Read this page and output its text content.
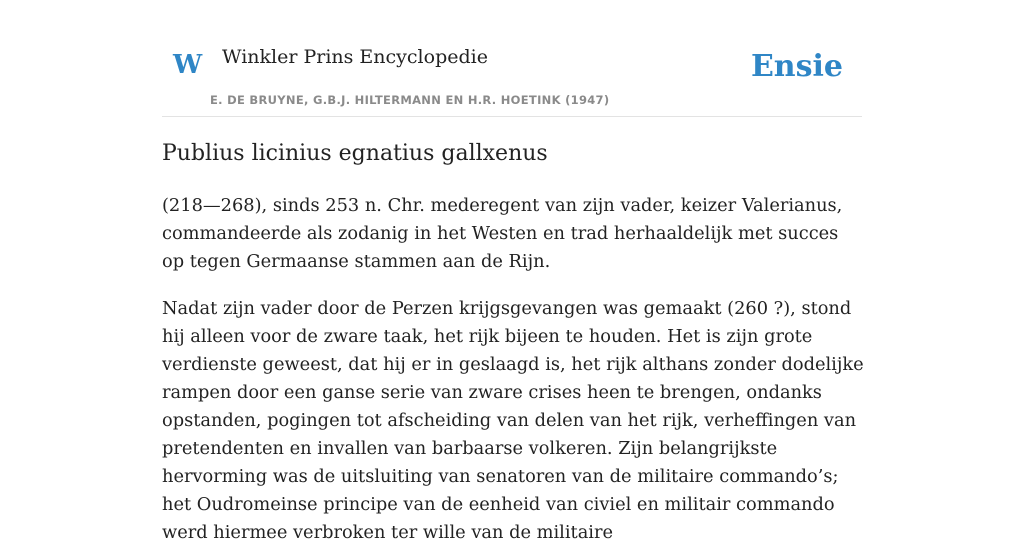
W Winkler Prins Encyclopedie	Ensie
E. DE BRUYNE, G.B.J. HILTERMANN EN H.R. HOETINK (1947)
Publius licinius egnatius gallxenus

(218—268), sinds 253 n. Chr. mederegent van zijn vader, keizer Valerianus, commandeerde als zodanig in het Westen en trad herhaaldelijk met succes op tegen Germaanse stammen aan de Rijn.

Nadat zijn vader door de Perzen krijgsgevangen was gemaakt (260 ?), stond hij alleen voor de zware taak, het rijk bijeen te houden. Het is zijn grote verdienste geweest, dat hij er in geslaagd is, het rijk althans zonder dodelijke rampen door een ganse serie van zware crises heen te brengen, ondanks opstanden, pogingen tot afscheiding van delen van het rijk, verheffingen van pretendenten en invallen van barbaarse volkeren. Zijn belangrijkste hervorming was de uitsluiting van senatoren van de militaire commando’s; het Oudromeinse principe van de eenheid van civiel en militair commando werd hiermee verbroken ter wille van de militaire
